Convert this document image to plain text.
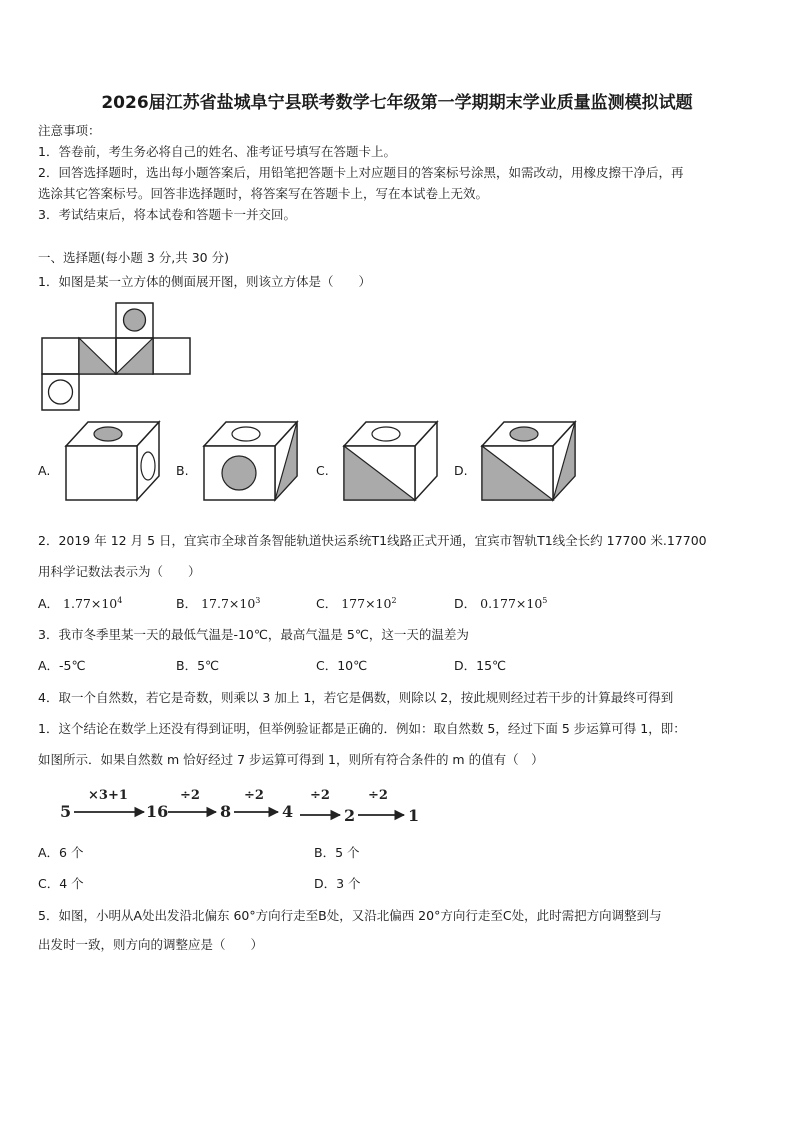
2026届江苏省盐城阜宁县联考数学七年级第一学期期末学业质量监测模拟试题
注意事项：
1．答卷前，考生务必将自己的姓名、准考证号填写在答题卡上。
2．回答选择题时，选出每小题答案后，用铅笔把答题卡上对应题目的答案标号涂黑，如需改动，用橡皮擦干净后，再
选涂其它答案标号。回答非选择题时，将答案写在答题卡上，写在本试卷上无效。
3．考试结束后，将本试卷和答题卡一并交回。
一、选择题(每小题 3 分,共 30 分)
1．如图是某一立方体的侧面展开图，则该立方体是（　　）
A.	B.	C.	D.
2．2019 年 12 月 5 日，宜宾市全球首条智能轨道快运系统T1线路正式开通，宜宾市智轨T1线全长约 17700 米.17700
用科学记数法表示为（　　）
A． $1.77\times 10^4$	B． $17.7\times 10^3$	C． $177\times 10^2$	D． $0.177\times 10^5$
3．我市冬季里某一天的最低气温是-10℃，最高气温是 5℃，这一天的温差为
A．-5℃	B．5℃	C．10℃	D．15℃
4．取一个自然数，若它是奇数，则乘以 3 加上 1，若它是偶数，则除以 2，按此规则经过若干步的计算最终可得到
1．这个结论在数学上还没有得到证明，但举例验证都是正确的．例如：取自然数 5，经过下面 5 步运算可得 1，即：
如图所示．如果自然数 m 恰好经过 7 步运算可得到 1，则所有符合条件的 m 的值有（　）
5
×3+1
16
÷2
8
÷2
4
÷2
2
÷2
1
A．6 个	B．5 个
C．4 个	D．3 个
5．如图，小明从A处出发沿北偏东 60°方向行走至B处，又沿北偏西 20°方向行走至C处，此时需把方向调整到与
出发时一致，则方向的调整应是（　　）
